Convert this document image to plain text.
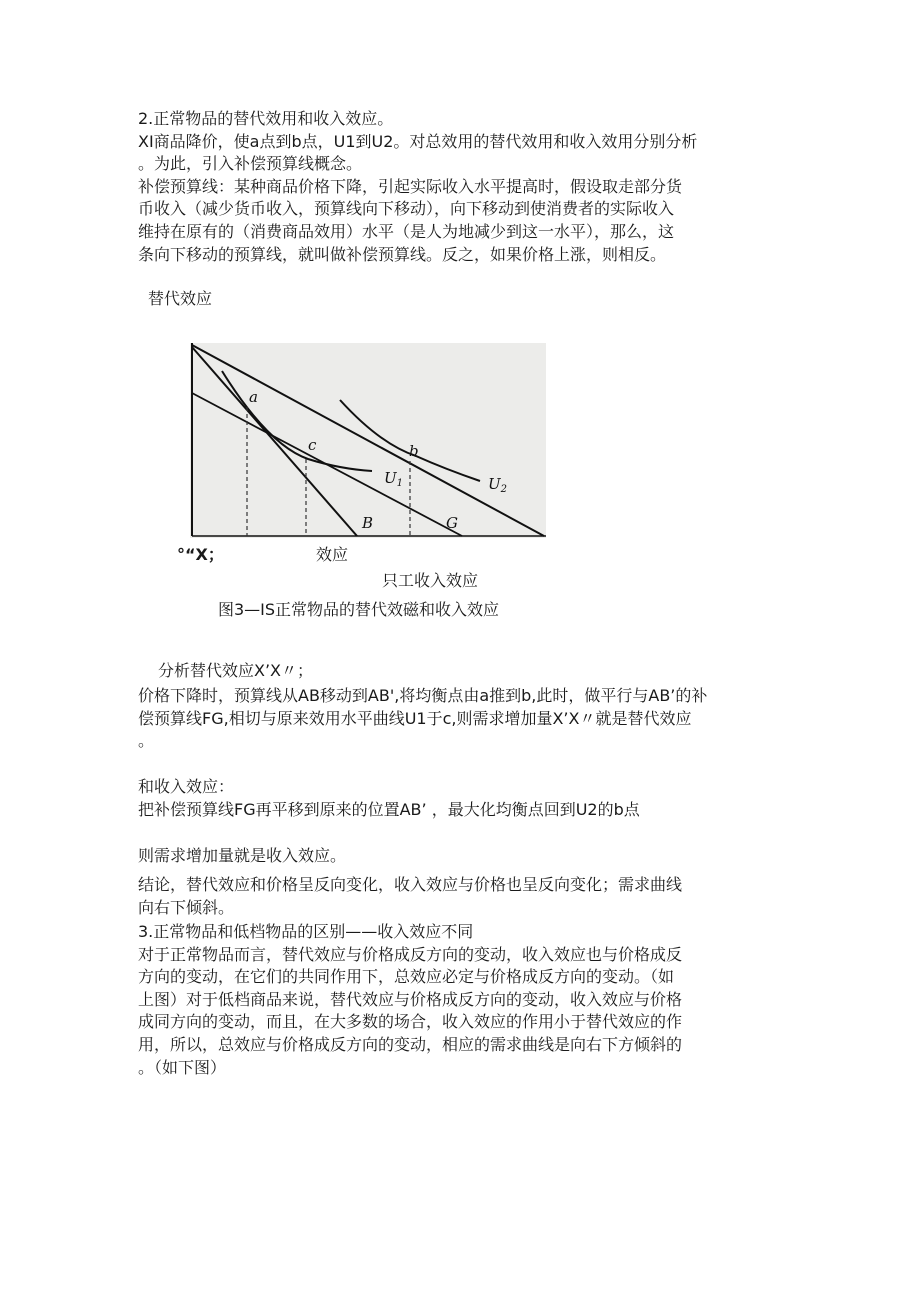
2.正常物品的替代效用和收入效应。

XI商品降价，使a点到b点，U1到U2。对总效用的替代效用和收入效用分别分析

。为此，引入补偿预算线概念。

补偿预算线：某种商品价格下降，引起实际收入水平提高时，假设取走部分货

币收入（减少货币收入，预算线向下移动），向下移动到使消费者的实际收入

维持在原有的（消费商品效用）水平（是人为地减少到这一水平），那么，这

条向下移动的预算线，就叫做补偿预算线。反之，如果价格上涨，则相反。

替代效应
a
c	b
$U_1$	$U_2$
B	G
°“X；	效应
只工收入效应
图3—IS正常物品的替代效磁和收入效应
分析替代效应X’X〃；

价格下降时，预算线从AB移动到AB',将均衡点由a推到b,此时，做平行与AB’的补

偿预算线FG,相切与原来效用水平曲线U1于c,则需求增加量X’X〃就是替代效应

。

和收入效应：

把补偿预算线FG再平移到原来的位置AB’ ，最大化均衡点回到U2的b点

则需求增加量就是收入效应。

结论，替代效应和价格呈反向变化，收入效应与价格也呈反向变化；需求曲线

向右下倾斜。

3.正常物品和低档物品的区别——收入效应不同

对于正常物品而言，替代效应与价格成反方向的变动，收入效应也与价格成反

方向的变动，在它们的共同作用下，总效应必定与价格成反方向的变动。（如

上图）对于低档商品来说，替代效应与价格成反方向的变动，收入效应与价格

成同方向的变动，而且，在大多数的场合，收入效应的作用小于替代效应的作

用，所以，总效应与价格成反方向的变动，相应的需求曲线是向右下方倾斜的

。（如下图）
